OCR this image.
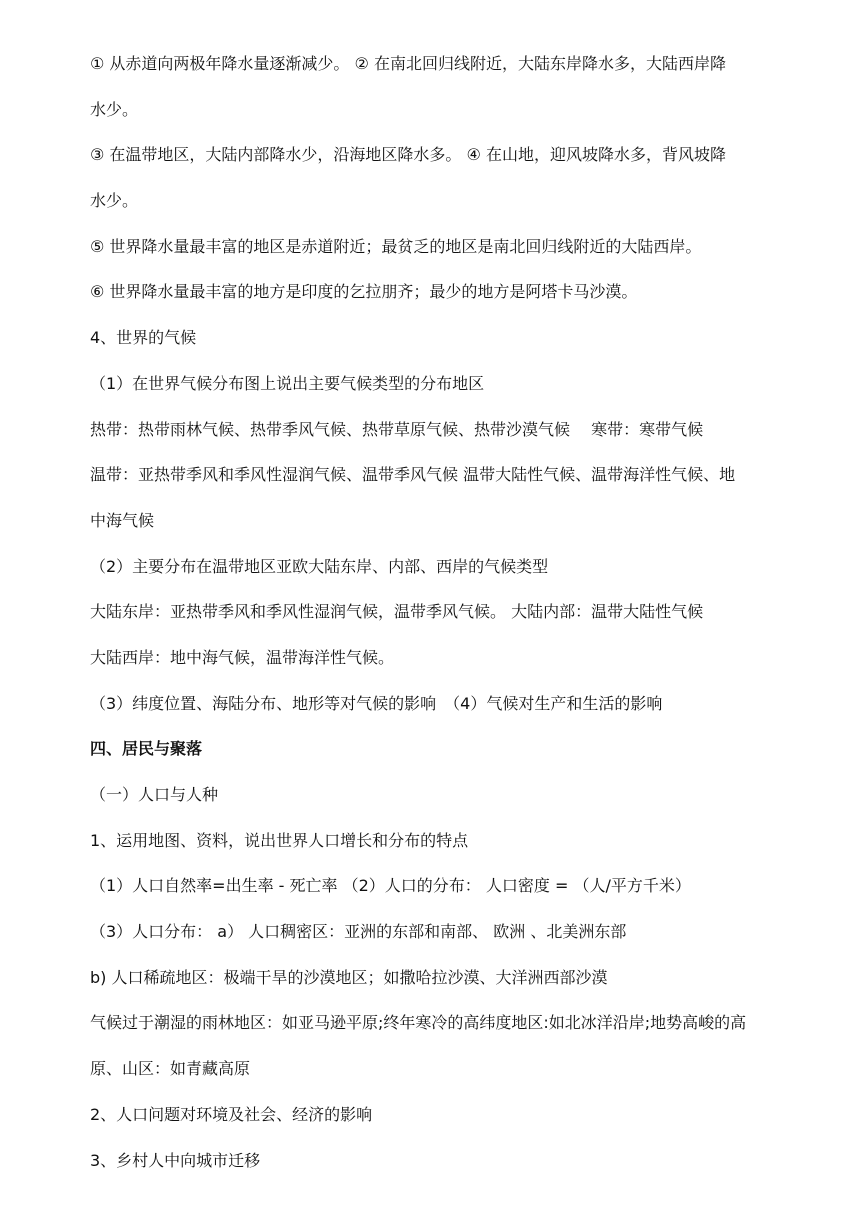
① 从赤道向两极年降水量逐渐减少。 ② 在南北回归线附近，大陆东岸降水多，大陆西岸降
水少。
③ 在温带地区，大陆内部降水少，沿海地区降水多。 ④ 在山地，迎风坡降水多，背风坡降
水少。
⑤ 世界降水量最丰富的地区是赤道附近；最贫乏的地区是南北回归线附近的大陆西岸。
⑥ 世界降水量最丰富的地方是印度的乞拉朋齐；最少的地方是阿塔卡马沙漠。
4、世界的气候
（1）在世界气候分布图上说出主要气候类型的分布地区
热带：热带雨林气候、热带季风气候、热带草原气候、热带沙漠气候　 寒带：寒带气候
温带：亚热带季风和季风性湿润气候、温带季风气候 温带大陆性气候、温带海洋性气候、地
中海气候
（2）主要分布在温带地区亚欧大陆东岸、内部、西岸的气候类型
大陆东岸：亚热带季风和季风性湿润气候，温带季风气候。 大陆内部：温带大陆性气候
大陆西岸：地中海气候，温带海洋性气候。
（3）纬度位置、海陆分布、地形等对气候的影响　（4）气候对生产和生活的影响
四、居民与聚落
（一）人口与人种
1、运用地图、资料，说出世界人口增长和分布的特点
（1）人口自然率=出生率 - 死亡率 （2）人口的分布： 人口密度 = （人/平方千米）
（3）人口分布： a） 人口稠密区：亚洲的东部和南部、 欧洲 、北美洲东部
b) 人口稀疏地区：极端干旱的沙漠地区；如撒哈拉沙漠、大洋洲西部沙漠
气候过于潮湿的雨林地区：如亚马逊平原;终年寒冷的高纬度地区:如北冰洋沿岸;地势高峻的高
原、山区：如青藏高原
2、人口问题对环境及社会、经济的影响
3、乡村人中向城市迁移
